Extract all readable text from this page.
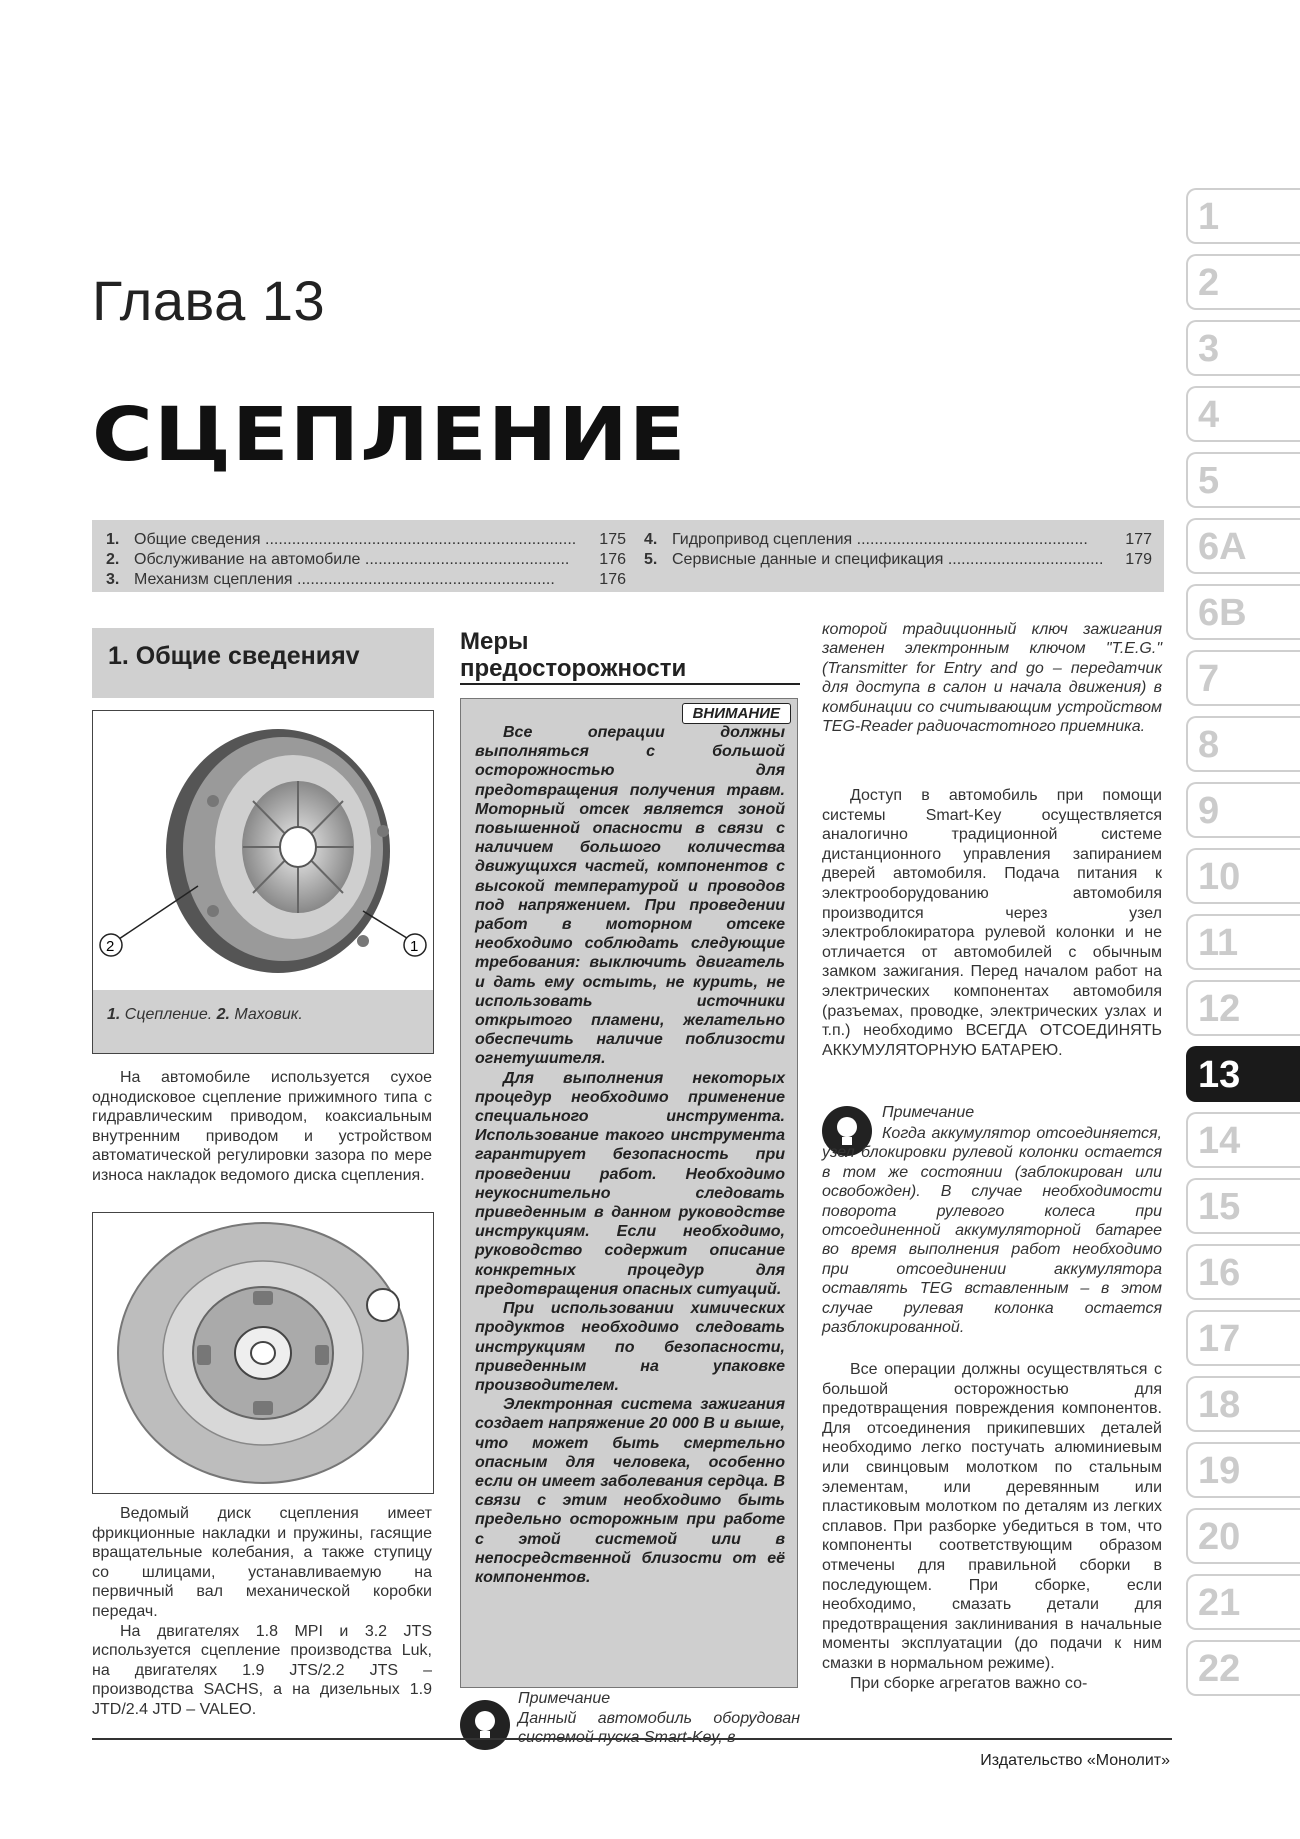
Глава 13
СЦЕПЛЕНИЕ
1. Общие сведения ......................................................................	175
2. Обслуживание на автомобиле ..............................................	176
3. Механизм сцепления ..........................................................	176
4. Гидропривод сцепления ....................................................	177
5. Сервисные данные и спецификация ...................................	179
1. Общие сведенияv
2	1
1. Сцепление. 2. Маховик.

На автомобиле используется сухое однодисковое сцепление прижимного типа с гидравлическим приводом, коаксиальным внутренним приводом и устройством автоматической регулировки зазора по мере износа накладок ведомого диска сцепления.

Ведомый диск сцепления имеет фрикционные накладки и пружины, гасящие вращательные колебания, а также ступицу со шлицами, устанавливаемую на первичный вал механической коробки передач.

На двигателях 1.8 MPI и 3.2 JTS используется сцепление производства Luk, на двигателях 1.9 JTS/2.2 JTS – производства SACHS, а на дизельных 1.9 JTD/2.4 JTD – VALEO.

Меры
предосторожности
ВНИМАНИЕ

Все операции должны выполняться с большой осторожностью для предотвращения получения травм. Моторный отсек является зоной повышенной опасности в связи с наличием большого количества движущихся частей, компонентов с высокой температурой и проводов под напряжением. При проведении работ в моторном отсеке необходимо соблюдать следующие требования: выключить двигатель и дать ему остыть, не курить, не использовать источники открытого пламени, желательно обеспечить наличие поблизости огнетушителя.

Для выполнения некоторых процедур необходимо применение специального инструмента. Использование такого инструмента гарантирует безопасность при проведении работ. Необходимо неукоснительно следовать приведенным в данном руководстве инструкциям. Если необходимо, руководство содержит описание конкретных процедур для предотвращения опасных ситуаций.

При использовании химических продуктов необходимо следовать инструкциям по безопасности, приведенным на упаковке производителем.

Электронная система зажигания создает напряжение 20 000 В и выше, что может быть смертельно опасным для человека, особенно если он имеет заболевания сердца. В связи с этим необходимо быть предельно осторожным при работе с этой системой или в непосредственной близости от её компонентов.

Примечание
Данный автомобиль оборудован системой пуска Smart-Key, в
которой традиционный ключ зажигания заменен электронным ключом "T.E.G." (Transmitter for Entry and go – передатчик для доступа в салон и начала движения) в комбинации со считывающим устройством TEG-Reader радиочастотного приемника.

Доступ в автомобиль при помощи системы Smart-Key осуществляется аналогично традиционной системе дистанционного управления запиранием дверей автомобиля. Подача питания к электрооборудованию автомобиля производится через узел электроблокиратора рулевой колонки и не отличается от автомобилей с обычным замком зажигания. Перед началом работ на электрических компонентах автомобиля (разъемах, проводке, электрических узлах и т.п.) необходимо ВСЕГДА ОТСОЕДИНЯТЬ АККУМУЛЯТОРНУЮ БАТАРЕЮ.

Примечание
Когда аккумулятор отсоединяется, узел блокировки рулевой колонки остается в том же состоянии (заблокирован или освобожден). В случае необходимости поворота рулевого колеса при отсоединенной аккумуляторной батарее во время выполнения работ необходимо при отсоединении аккумулятора оставлять TEG вставленным – в этом случае рулевая колонка остается разблокированной.

Все операции должны осуществляться с большой осторожностью для предотвращения повреждения компонентов. Для отсоединения прикипевших деталей необходимо легко постучать алюминиевым или свинцовым молотком по стальным элементам, или деревянным или пластиковым молотком по деталям из легких сплавов. При разборке убедиться в том, что компоненты соответствующим образом отмечены для правильной сборки в последующем. При сборке, если необходимо, смазать детали для предотвращения заклинивания в начальные моменты эксплуатации (до подачи к ним смазки в нормальном режиме).

При сборке агрегатов важно со-

1
2
3
4
5
6A
6B
7
8
9
10
11
12
13
14
15
16
17
18
19
20
21
22
Издательство «Монолит»
